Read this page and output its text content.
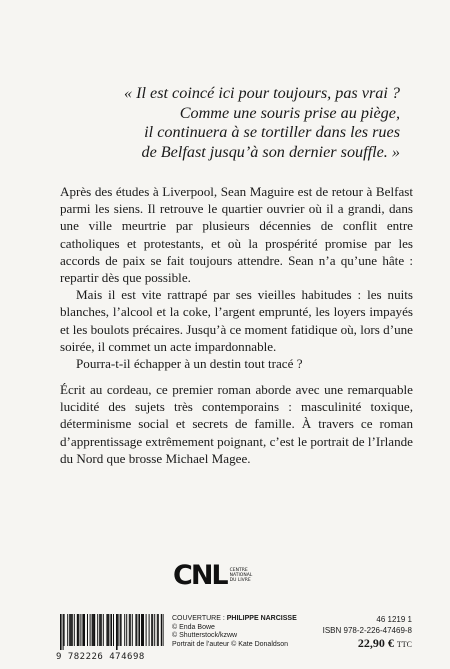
« Il est coincé ici pour toujours, pas vrai ?
Comme une souris prise au piège,
il continuera à se tortiller dans les rues
de Belfast jusqu’à son dernier souffle. »

Après des études à Liverpool, Sean Maguire est de retour à Belfast parmi les siens. Il retrouve le quartier ouvrier où il a grandi, dans une ville meurtrie par plusieurs décennies de conflit entre catholiques et protestants, et où la prospérité promise par les accords de paix se fait toujours attendre. Sean n’a qu’une hâte : repartir dès que possible.

Mais il est vite rattrapé par ses vieilles habitudes : les nuits blanches, l’alcool et la coke, l’argent emprunté, les loyers impayés et les boulots précaires. Jusqu’à ce moment fatidique où, lors d’une soirée, il commet un acte impardonnable.

Pourra-t-il échapper à un destin tout tracé ?

Écrit au cordeau, ce premier roman aborde avec une remarquable lucidité des sujets très contemporains : masculinité toxique, déterminisme social et secrets de famille. À travers ce roman d’apprentissage extrêmement poignant, c’est le portrait de l’Irlande du Nord que brosse Michael Magee.

CNL CENTRE
NATIONAL
DU LIVRE
9 782226 474698
COUVERTURE : PHILIPPE NARCISSE
© Enda Bowe
© Shutterstock/kzww
Portrait de l’auteur © Kate Donaldson
46 1219 1
ISBN 978-2-226-47469-8
22,90 € TTC
